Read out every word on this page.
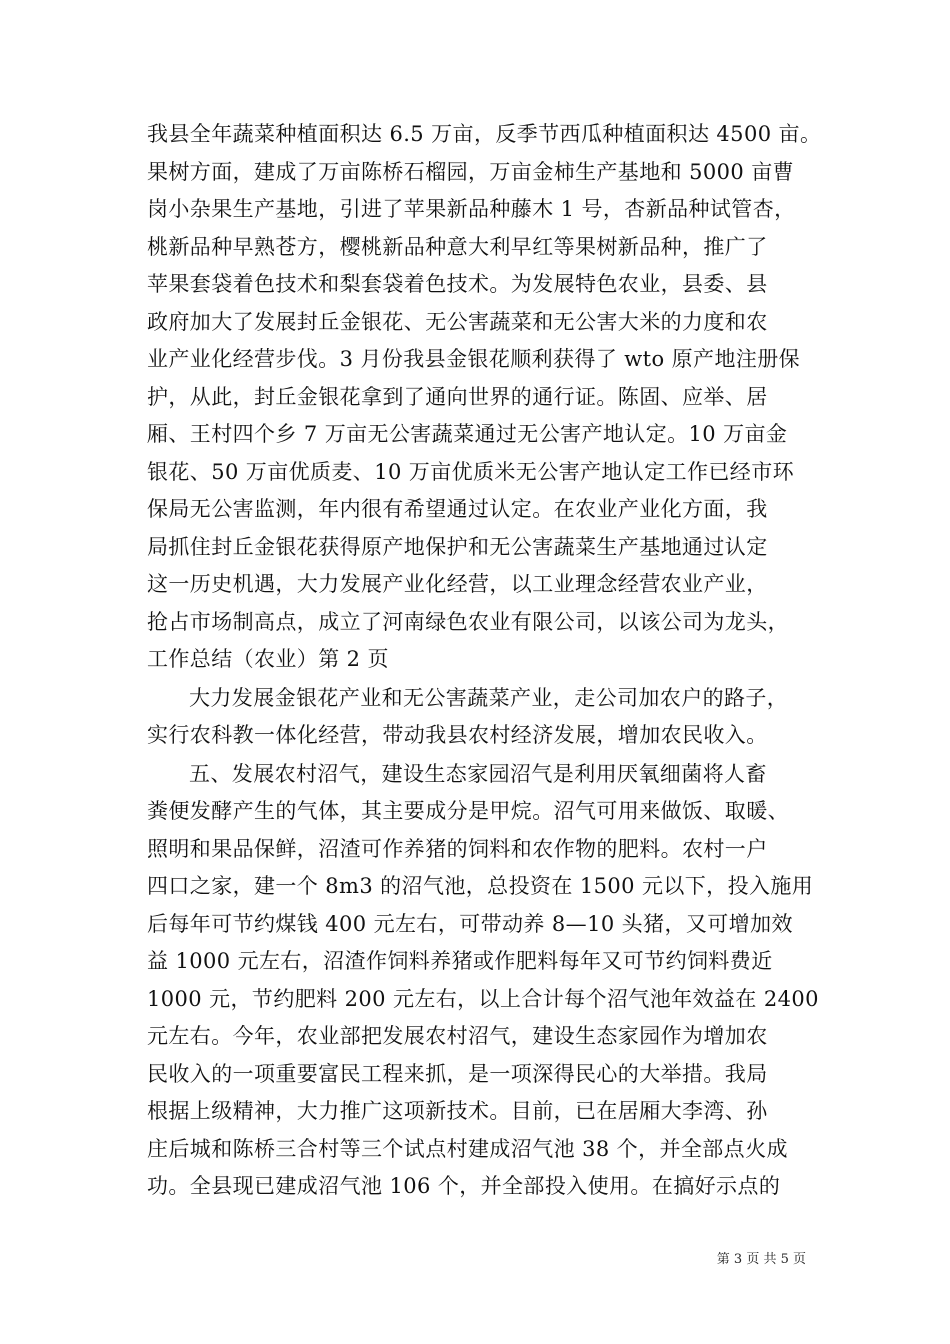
我县全年蔬菜种植面积达 6.5 万亩，反季节西瓜种植面积达 4500 亩。
果树方面，建成了万亩陈桥石榴园，万亩金柿生产基地和 5000 亩曹
岗小杂果生产基地，引进了苹果新品种藤木 1 号，杏新品种试管杏，
桃新品种早熟苍方，樱桃新品种意大利早红等果树新品种，推广了
苹果套袋着色技术和梨套袋着色技术。为发展特色农业，县委、县
政府加大了发展封丘金银花、无公害蔬菜和无公害大米的力度和农
业产业化经营步伐。3 月份我县金银花顺利获得了 wto 原产地注册保
护，从此，封丘金银花拿到了通向世界的通行证。陈固、应举、居
厢、王村四个乡 7 万亩无公害蔬菜通过无公害产地认定。10 万亩金
银花、50 万亩优质麦、10 万亩优质米无公害产地认定工作已经市环
保局无公害监测，年内很有希望通过认定。在农业产业化方面，我
局抓住封丘金银花获得原产地保护和无公害蔬菜生产基地通过认定
这一历史机遇，大力发展产业化经营，以工业理念经营农业产业，
抢占市场制高点，成立了河南绿色农业有限公司，以该公司为龙头，
工作总结（农业）第 2 页
大力发展金银花产业和无公害蔬菜产业，走公司加农户的路子，
实行农科教一体化经营，带动我县农村经济发展，增加农民收入。
五、发展农村沼气，建设生态家园沼气是利用厌氧细菌将人畜
粪便发酵产生的气体，其主要成分是甲烷。沼气可用来做饭、取暖、
照明和果品保鲜，沼渣可作养猪的饲料和农作物的肥料。农村一户
四口之家，建一个 8m3 的沼气池，总投资在 1500 元以下，投入施用
后每年可节约煤钱 400 元左右，可带动养 8—10 头猪，又可增加效
益 1000 元左右，沼渣作饲料养猪或作肥料每年又可节约饲料费近
1000 元，节约肥料 200 元左右，以上合计每个沼气池年效益在 2400
元左右。今年，农业部把发展农村沼气，建设生态家园作为增加农
民收入的一项重要富民工程来抓，是一项深得民心的大举措。我局
根据上级精神，大力推广这项新技术。目前，已在居厢大李湾、孙
庄后城和陈桥三合村等三个试点村建成沼气池 38 个，并全部点火成
功。全县现已建成沼气池 106 个，并全部投入使用。在搞好示点的
第 3 页 共 5 页
